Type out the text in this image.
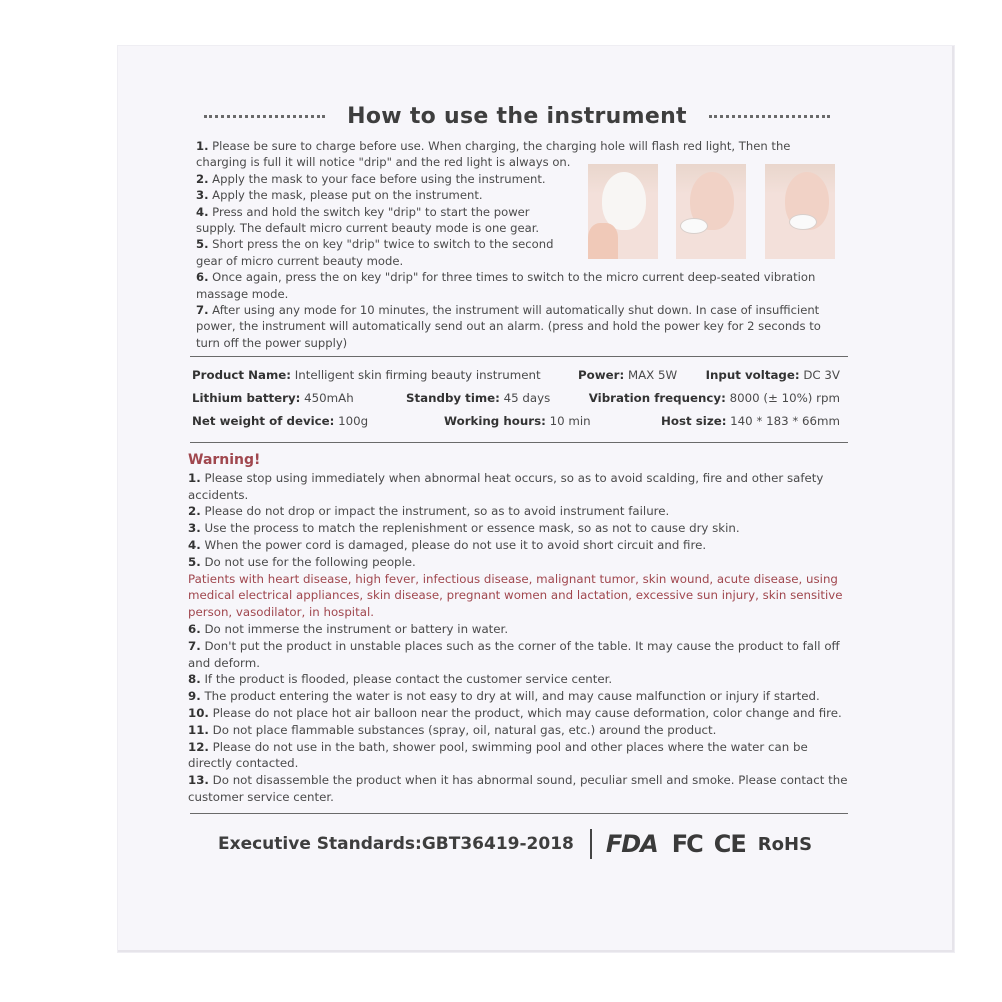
How to use the instrument

1. Please be sure to charge before use. When charging, the charging hole will flash red light, Then the charging is full it will notice "drip" and the red light is always on.

2. Apply the mask to your face before using the instrument.

3. Apply the mask, please put on the instrument.

4. Press and hold the switch key "drip" to start the power supply. The default micro current beauty mode is one gear.

5. Short press the on key "drip" twice to switch to the second gear of micro current beauty mode.

6. Once again, press the on key "drip" for three times to switch to the micro current deep-seated vibration massage mode.

7. After using any mode for 10 minutes, the instrument will automatically shut down. In case of insufficient power, the instrument will automatically send out an alarm. (press and hold the power key for 2 seconds to turn off the power supply)

Product Name: Intelligent skin firming beauty instrument	Power: MAX 5W Input voltage: DC 3V
Lithium battery: 450mAh	Standby time: 45 days	Vibration frequency: 8000 (± 10%) rpm
Net weight of device: 100g	Working hours: 10 min	Host size: 140 * 183 * 66mm
Warning!
1. Please stop using immediately when abnormal heat occurs, so as to avoid scalding, fire and other safety accidents.
2. Please do not drop or impact the instrument, so as to avoid instrument failure.
3. Use the process to match the replenishment or essence mask, so as not to cause dry skin.
4. When the power cord is damaged, please do not use it to avoid short circuit and fire.
5. Do not use for the following people.
Patients with heart disease, high fever, infectious disease, malignant tumor, skin wound, acute disease, using medical electrical appliances, skin disease, pregnant women and lactation, excessive sun injury, skin sensitive person, vasodilator, in hospital.
6. Do not immerse the instrument or battery in water.
7. Don't put the product in unstable places such as the corner of the table. It may cause the product to fall off and deform.
8. If the product is flooded, please contact the customer service center.
9. The product entering the water is not easy to dry at will, and may cause malfunction or injury if started.
10. Please do not place hot air balloon near the product, which may cause deformation, color change and fire.
11. Do not place flammable substances (spray, oil, natural gas, etc.) around the product.
12. Please do not use in the bath, shower pool, swimming pool and other places where the water can be directly contacted.
13. Do not disassemble the product when it has abnormal sound, peculiar smell and smoke. Please contact the customer service center.
Executive Standards:GBT36419-2018 FDA FC CE RoHS
